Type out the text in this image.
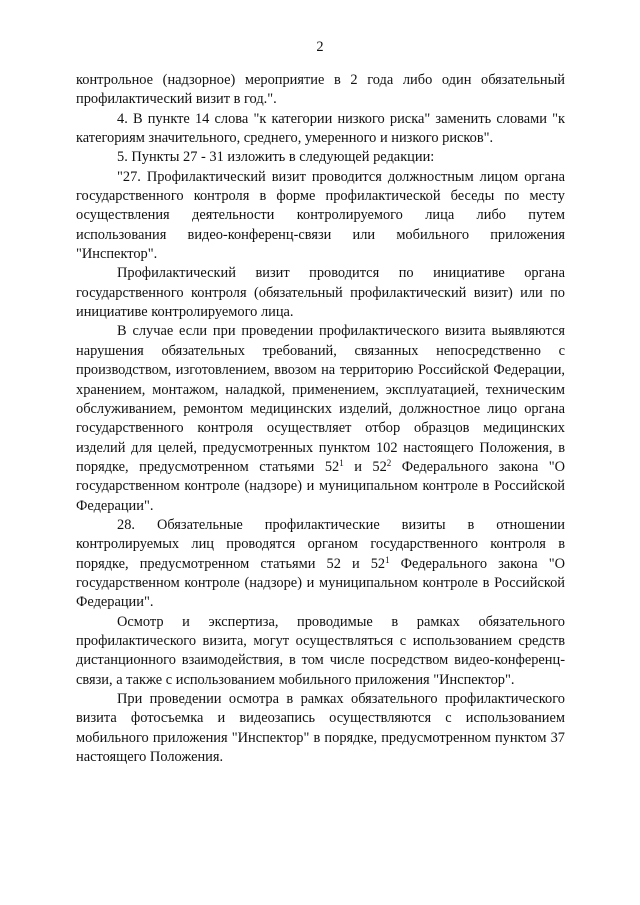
2

контрольное (надзорное) мероприятие в 2 года либо один обязательный профилактический визит в год.".

4. В пункте 14 слова "к категории низкого риска" заменить словами "к категориям значительного, среднего, умеренного и низкого рисков".

5. Пункты 27 - 31 изложить в следующей редакции:

"27. Профилактический визит проводится должностным лицом органа государственного контроля в форме профилактической беседы по месту осуществления деятельности контролируемого лица либо путем использования видео-конференц-связи или мобильного приложения "Инспектор".

Профилактический визит проводится по инициативе органа государственного контроля (обязательный профилактический визит) или по инициативе контролируемого лица.

В случае если при проведении профилактического визита выявляются нарушения обязательных требований, связанных непосредственно с производством, изготовлением, ввозом на территорию Российской Федерации, хранением, монтажом, наладкой, применением, эксплуатацией, техническим обслуживанием, ремонтом медицинских изделий, должностное лицо органа государственного контроля осуществляет отбор образцов медицинских изделий для целей, предусмотренных пунктом 102 настоящего Положения, в порядке, предусмотренном статьями $52^1$ и $52^2$ Федерального закона "О государственном контроле (надзоре) и муниципальном контроле в Российской Федерации".

28. Обязательные профилактические визиты в отношении контролируемых лиц проводятся органом государственного контроля в порядке, предусмотренном статьями 52 и $52^1$ Федерального закона "О государственном контроле (надзоре) и муниципальном контроле в Российской Федерации".

Осмотр и экспертиза, проводимые в рамках обязательного профилактического визита, могут осуществляться с использованием средств дистанционного взаимодействия, в том числе посредством видео-конференц-связи, а также с использованием мобильного приложения "Инспектор".

При проведении осмотра в рамках обязательного профилактического визита фотосъемка и видеозапись осуществляются с использованием мобильного приложения "Инспектор" в порядке, предусмотренном пунктом 37 настоящего Положения.
